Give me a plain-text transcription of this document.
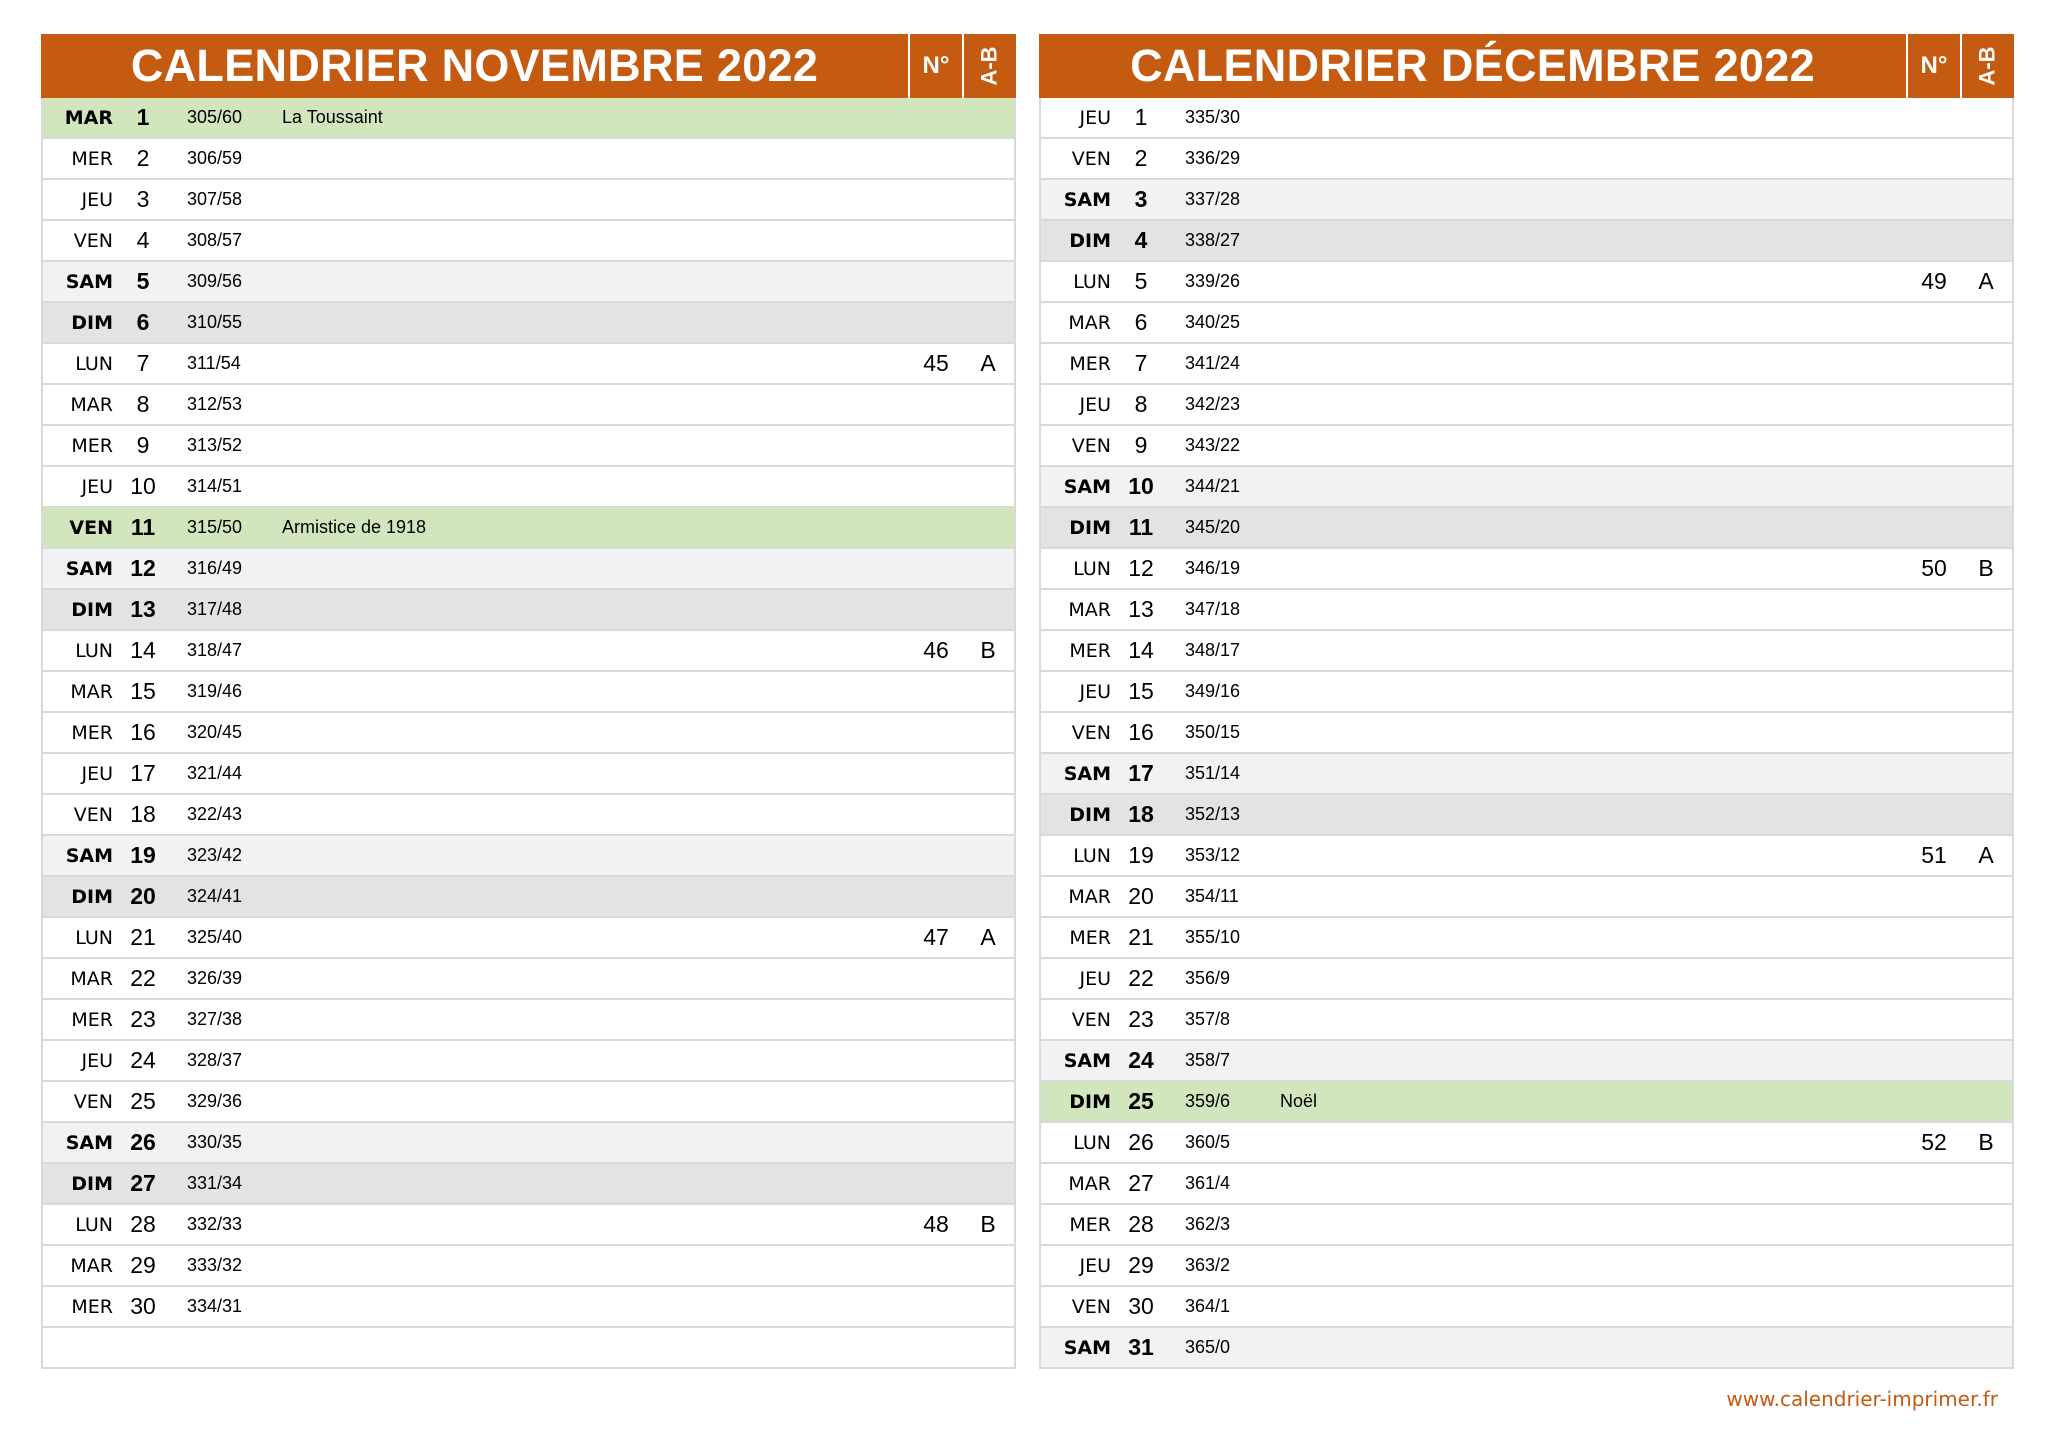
CALENDRIER NOVEMBRE 2022	N°	A-B
MAR	1	305/60	La Toussaint
MER	2	306/59
JEU	3	307/58
VEN	4	308/57
SAM	5	309/56
DIM	6	310/55
LUN	7	311/54	45	A
MAR	8	312/53
MER	9	313/52
JEU 10	314/51
VEN 11	315/50	Armistice de 1918
SAM 12	316/49
DIM 13	317/48
LUN 14	318/47	46	B
MAR 15	319/46
MER 16	320/45
JEU 17	321/44
VEN 18	322/43
SAM 19	323/42
DIM 20	324/41
LUN 21	325/40	47	A
MAR 22	326/39
MER 23	327/38
JEU 24	328/37
VEN 25	329/36
SAM 26	330/35
DIM 27	331/34
LUN 28	332/33	48	B
MAR 29	333/32
MER 30	334/31
CALENDRIER DÉCEMBRE 2022	N°	A-B
JEU	1	335/30
VEN	2	336/29
SAM	3	337/28
DIM	4	338/27
LUN	5	339/26	49	A
MAR	6	340/25
MER	7	341/24
JEU	8	342/23
VEN	9	343/22
SAM 10	344/21
DIM 11	345/20
LUN 12	346/19	50	B
MAR 13	347/18
MER 14	348/17
JEU 15	349/16
VEN 16	350/15
SAM 17	351/14
DIM 18	352/13
LUN 19	353/12	51	A
MAR 20	354/11
MER 21	355/10
JEU 22	356/9
VEN 23	357/8
SAM 24	358/7
DIM 25	359/6	Noël
LUN 26	360/5	52	B
MAR 27	361/4
MER 28	362/3
JEU 29	363/2
VEN 30	364/1
SAM 31	365/0
www.calendrier-imprimer.fr
